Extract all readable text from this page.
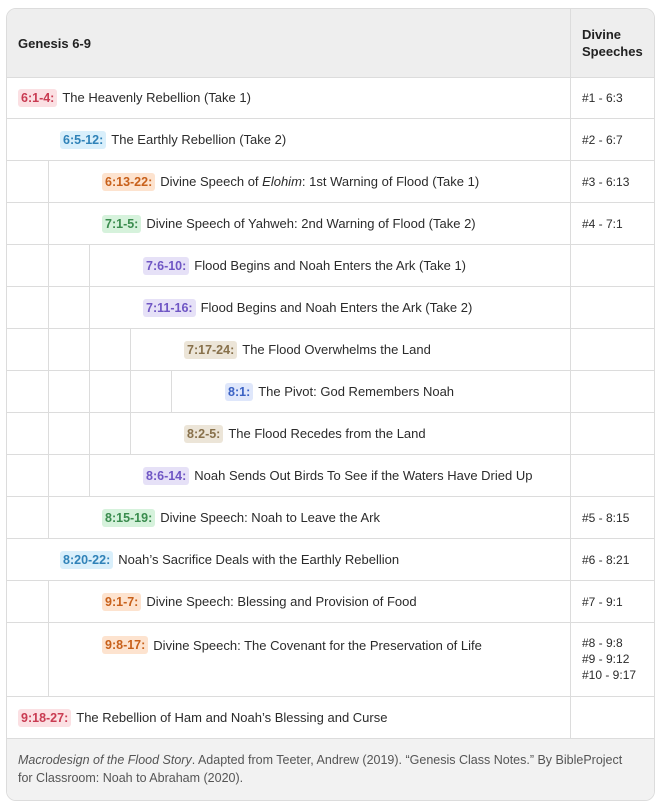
Genesis 6-9
Divine Speeches
6:1-4: The Heavenly Rebellion (Take 1)	#1 - 6:3
6:5-12: The Earthly Rebellion (Take 2)	#2 - 6:7
6:13-22: Divine Speech of Elohim: 1st Warning of Flood (Take 1)	#3 - 6:13
7:1-5: Divine Speech of Yahweh: 2nd Warning of Flood (Take 2)	#4 - 7:1
7:6-10: Flood Begins and Noah Enters the Ark (Take 1)
7:11-16: Flood Begins and Noah Enters the Ark (Take 2)
7:17-24: The Flood Overwhelms the Land
8:1: The Pivot: God Remembers Noah
8:2-5: The Flood Recedes from the Land
8:6-14: Noah Sends Out Birds To See if the Waters Have Dried Up
8:15-19: Divine Speech: Noah to Leave the Ark	#5 - 8:15
8:20-22: Noah’s Sacrifice Deals with the Earthly Rebellion	#6 - 8:21
9:1-7: Divine Speech: Blessing and Provision of Food	#7 - 9:1
9:8-17: Divine Speech: The Covenant for the Preservation of Life	#8 - 9:8
#9 - 9:12
#10 - 9:17
9:18-27: The Rebellion of Ham and Noah’s Blessing and Curse

Macrodesign of the Flood Story. Adapted from Teeter, Andrew (2019). “Genesis Class Notes.” By BibleProject for Classroom: Noah to Abraham (2020).
